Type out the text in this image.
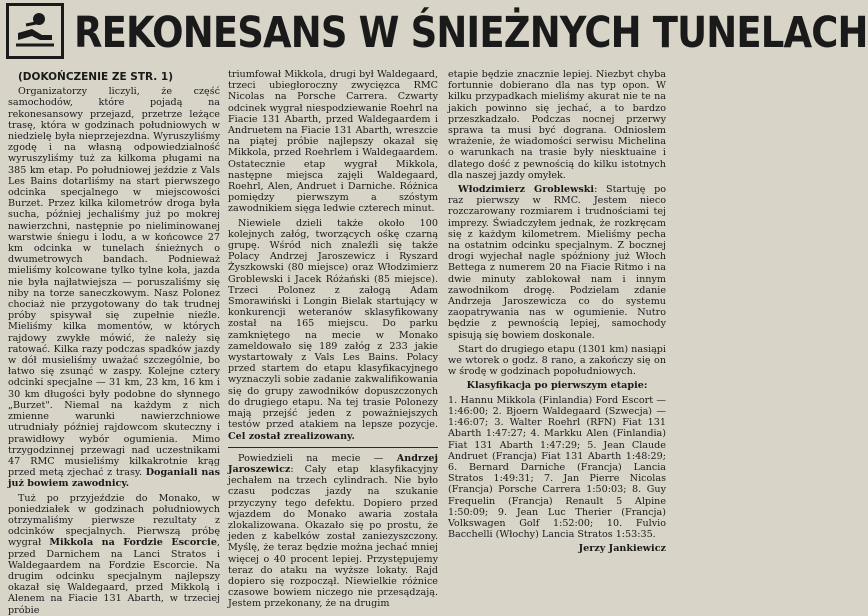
REKONESANS W ŚNIEŻNYCH TUNELACH

(DOKOŃCZENIE ZE STR. 1)

Organizatorzy liczyli, że część samochodów, które pojadą na rekonesansowy przejazd, przetrze leżące trasę, która w godzinach południowych w niedzielę była nieprzejezdna. Wyruszyliśmy zgodę i na własną odpowiedzialność wyruszyliśmy tuż za kilkoma pługami na 385 km etap. Po południowej jeździe z Vals Les Bains dotarliśmy na start pierwszego odcinka specjalnego w miejscowości Burzet. Przez kilka kilometrów droga była sucha, później jechaliśmy już po mokrej nawierzchni, następnie po nieliminowanej warstwie śniegu i lodu, a w końcowce 27 km odcinka w tunelach śnieżnych o dwumetrowych bandach. Podnieważ mieliśmy kolcowane tylko tylne koła, jazda nie była najłatwiejsza — poruszaliśmy się niby na torze saneczkowym. Nasz Polonez chociaż nie przygotowany do tak trudnej próby spisywał się zupełnie nieźle. Mieliśmy kilka momentów, w których rajdowy zwykłe mówić, że należy się ratować. Kilka razy podczas spadków jazdy w dół musieliśmy uważać szczególnie, bo łatwo się zsunąć w zaspy. Kolejne cztery odcinki specjalne — 31 km, 23 km, 16 km i 30 km długości były podobne do słynnego „Burzet". Niemal na każdym z nich zmienne warunki nawierzchniowe utrudniały później rajdowcom skuteczny i prawidłowy wybór ogumienia. Mimo trzygodzinnej przewagi nad uczestnikami 47 RMC musieliśmy kilkakrotnie krąg przed metą zjechać z trasy. Doganiali nas już bowiem zawodnicy.

Tuż po przyjeździe do Monako, w poniedziałek w godzinach południowych otrzymaliśmy pierwsze rezultaty z odcinków specjalnych. Pierwszą próbę wygrał Mikkola na Fordzie Escorcie, przed Darnichem na Lanci Stratos i Waldegaardem na Fordzie Escorcie. Na drugim odcinku specjalnym najlepszy okazał się Waldegaard, przed Mikkolą i Alenem na Fiacie 131 Abarth, w trzeciej próbie

triumfował Mikkola, drugi był Waldegaard, trzeci ubiegłoroczny zwycięzca RMC Nicolas na Porsche Carrera. Czwarty odcinek wygrał niespodziewanie Roehrl na Fiacie 131 Abarth, przed Waldegaardem i Andruetem na Fiacie 131 Abarth, wreszcie na piątej próbie najlepszy okazał się Mikkola, przed Roehrlem i Waldegaardem. Ostatecznie etap wygrał Mikkola, następne miejsca zajęli Waldegaard, Roehrl, Alen, Andruet i Darniche. Różnica pomiędzy pierwszym a szóstym zawodnikiem sięga ledwie czterech minut.

Niewiele dzieli także około 100 kolejnych załóg, tworzących ośkę czarną grupę. Wśród nich znaleźli się także Polacy Andrzej Jaroszewicz i Ryszard Żyszkowski (80 miejsce) oraz Włodzimierz Groblewski i Jacek Różański (85 miejsce). Trzeci Polonez z załogą Adam Smorawiński i Longin Bielak startujący w konkurencji weteranów sklasyfikowany został na 165 miejscu. Do parku zamkniętego na mecie w Monako zameldowało się 189 załóg z 233 jakie wystartowały z Vals Les Bains. Polacy przed startem do etapu klasyfikacyjnego wyznaczyli sobie zadanie zakwalifikowania się do grupy zawodników dopuszczonych do drugiego etapu. Na tej trasie Polonezy mają przejść jeden z poważniejszych testów przed atakiem na lepsze pozycje. Cel został zrealizowany.

Powiedzieli na mecie — Andrzej Jaroszewicz: Cały etap klasyfikacyjny jechałem na trzech cylindrach. Nie było czasu podczas jazdy na szukanie przyczyny tego defektu. Dopiero przed wjazdem do Monako awaria została zlokalizowana. Okazało się po prostu, że jeden z kabelków został zaniezyszczony. Myślę, że teraz będzie można jechać mniej więcej o 40 procent lepiej. Przystępujemy teraz do ataku na wyższe lokaty. Rajd dopiero się rozpoczął. Niewielkie różnice czasowe bowiem niczego nie przesądzają. Jestem przekonany, że na drugim

etapie będzie znacznie lepiej. Niezbyt chyba fortunnie dobierano dla nas typ opon. W kilku przypadkach mieliśmy akurat nie te na jakich powinno się jechać, a to bardzo przeszkadzało. Podczas nocnej przerwy sprawa ta musi być dograna. Odniosłem wrażenie, że wiadomości serwisu Michelina o warunkach na trasie były niesktuaine i dlatego dość z pewnością do kilku istotnych dla naszej jazdy omyłek.

Włodzimierz Groblewski: Startuję po raz pierwszy w RMC. Jestem nieco rozczarowany rozmiarem i trudnościami tej imprezy. Świadczyłem jednak, że rozkręcam się z każdym kilometrem. Mieliśmy pecha na ostatnim odcinku specjalnym. Z bocznej drogi wyjechał nagle spóźniony już Włoch Bettega z numerem 20 na Fiacie Ritmo i na dwie minuty zablokował nam i innym zawodnikom drogę. Podzielam zdanie Andrzeja Jaroszewicza co do systemu zaopatrywania nas w ogumienie. Nutro będzie z pewnością lepiej, samochody spisują się bowiem doskonale.

Start do drugiego etapu (1301 km) nasiąpi we wtorek o godz. 8 rano, a zakończy się on w środę w godzinach popołudniowych.

Klasyfikacja po pierwszym etapie:

1. Hannu Mikkola (Finlandia) Ford Escort — 1:46:00; 2. Bjoern Waldegaard (Szwecja) — 1:46:07; 3. Walter Roehrl (RFN) Fiat 131 Abarth 1:47:27; 4. Markku Alen (Finlandia) Fiat 131 Abarth 1:47:29; 5. Jean Claude Andruet (Francja) Fiat 131 Abarth 1:48:29; 6. Bernard Darniche (Francja) Lancia Stratos 1:49:31; 7. Jan Pierre Nicolas (Francja) Porsche Carrera 1:50:03; 8. Guy Frequelin (Francja) Renault 5 Alpine 1:50:09; 9. Jean Luc Therier (Francja) Volkswagen Golf 1:52:00; 10. Fulvio Bacchelli (Włochy) Lancia Stratos 1:53:35.

Jerzy Jankiewicz
